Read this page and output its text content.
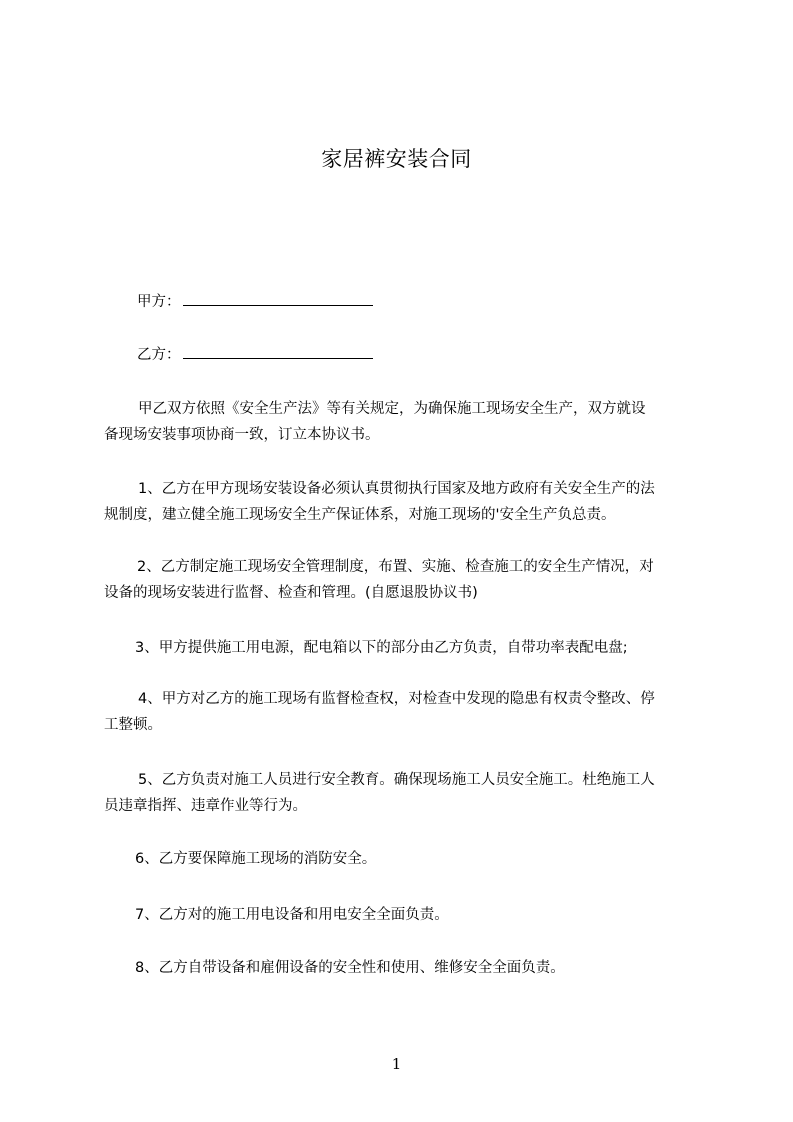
家居裤安装合同
甲方：
乙方：
甲乙双方依照《安全生产法》等有关规定，为确保施工现场安全生产，双方就设
备现场安装事项协商一致，订立本协议书。
1、乙方在甲方现场安装设备必须认真贯彻执行国家及地方政府有关安全生产的法
规制度，建立健全施工现场安全生产保证体系，对施工现场的'安全生产负总责。
2、乙方制定施工现场安全管理制度，布置、实施、检查施工的安全生产情况，对
设备的现场安装进行监督、检查和管理。(自愿退股协议书)
3、甲方提供施工用电源，配电箱以下的部分由乙方负责，自带功率表配电盘;
4、甲方对乙方的施工现场有监督检查权，对检查中发现的隐患有权责令整改、停
工整顿。
5、乙方负责对施工人员进行安全教育。确保现场施工人员安全施工。杜绝施工人
员违章指挥、违章作业等行为。
6、乙方要保障施工现场的消防安全。
7、乙方对的施工用电设备和用电安全全面负责。
8、乙方自带设备和雇佣设备的安全性和使用、维修安全全面负责。
1
